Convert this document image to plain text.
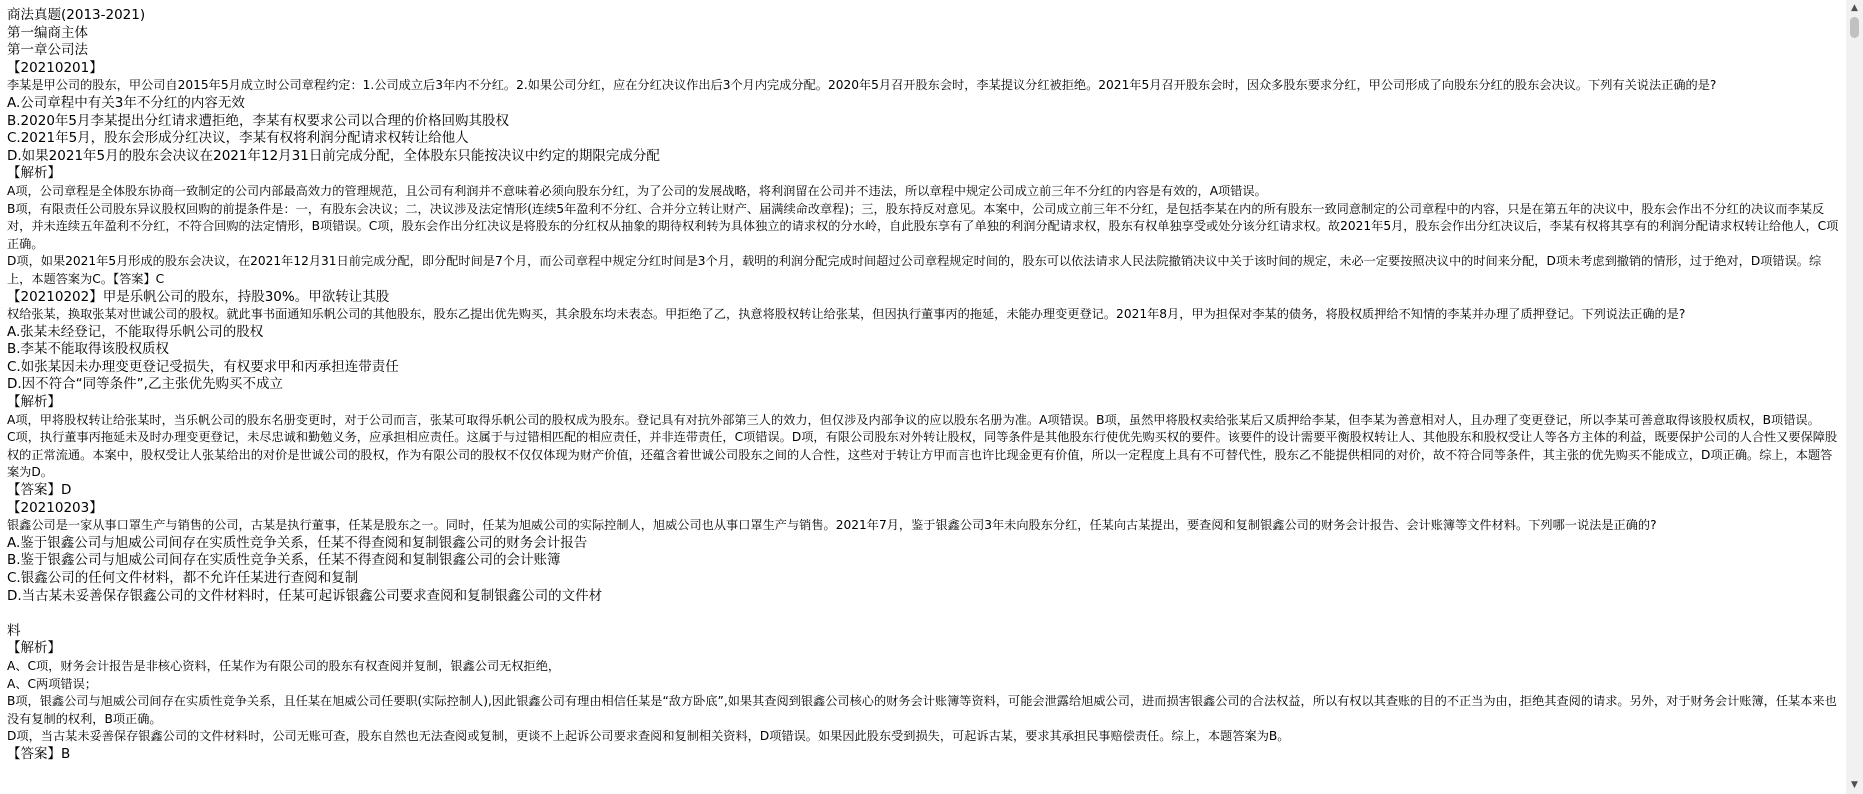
商法真题(2013-2021)
第一编商主体
第一章公司法
【20210201】
李某是甲公司的股东，甲公司自2015年5月成立时公司章程约定：1.公司成立后3年内不分红。2.如果公司分红，应在分红决议作出后3个月内完成分配。2020年5月召开股东会时，李某提议分红被拒绝。2021年5月召开股东会时，因众多股东要求分红，甲公司形成了向股东分红的股东会决议。下列有关说法正确的是?
A.公司章程中有关3年不分红的内容无效
B.2020年5月李某提出分红请求遭拒绝，李某有权要求公司以合理的价格回购其股权
C.2021年5月，股东会形成分红决议，李某有权将利润分配请求权转让给他人
D.如果2021年5月的股东会决议在2021年12月31日前完成分配，全体股东只能按决议中约定的期限完成分配
【解析】
A项，公司章程是全体股东协商一致制定的公司内部最高效力的管理规范，且公司有利润并不意味着必须向股东分红，为了公司的发展战略，将利润留在公司并不违法，所以章程中规定公司成立前三年不分红的内容是有效的，A项错误。
B项，有限责任公司股东异议股权回购的前提条件是：一，有股东会决议；二，决议涉及法定情形(连续5年盈利不分红、合并分立转让财产、届满续命改章程)；三，股东持反对意见。本案中，公司成立前三年不分红，是包括李某在内的所有股东一致同意制定的公司章程中的内容，只是在第五年的决议中，股东会作出不分红的决议而李某反对，并未连续五年盈利不分红，不符合回购的法定情形，B项错误。C项，股东会作出分红决议是将股东的分红权从抽象的期待权利转为具体独立的请求权的分水岭，自此股东享有了单独的利润分配请求权，股东有权单独享受或处分该分红请求权。故2021年5月，股东会作出分红决议后，李某有权将其享有的利润分配请求权转让给他人，C项正确。
D项，如果2021年5月形成的股东会决议，在2021年12月31日前完成分配，即分配时间是7个月，而公司章程中规定分红时间是3个月，载明的利润分配完成时间超过公司章程规定时间的，股东可以依法请求人民法院撤销决议中关于该时间的规定，未必一定要按照决议中的时间来分配，D项未考虑到撤销的情形，过于绝对，D项错误。综上，本题答案为C。【答案】C
【20210202】甲是乐帆公司的股东，持股30%。甲欲转让其股
权给张某，换取张某对世诚公司的股权。就此事书面通知乐帆公司的其他股东，股东乙提出优先购买，其余股东均未表态。甲拒绝了乙，执意将股权转让给张某，但因执行董事丙的拖延，未能办理变更登记。2021年8月，甲为担保对李某的债务，将股权质押给不知情的李某并办理了质押登记。下列说法正确的是?
A.张某未经登记，不能取得乐帆公司的股权
B.李某不能取得该股权质权
C.如张某因未办理变更登记受损失，有权要求甲和丙承担连带责任
D.因不符合“同等条件”,乙主张优先购买不成立
【解析】
A项，甲将股权转让给张某时，当乐帆公司的股东名册变更时，对于公司而言，张某可取得乐帆公司的股权成为股东。登记具有对抗外部第三人的效力，但仅涉及内部争议的应以股东名册为准。A项错误。B项，虽然甲将股权卖给张某后又质押给李某，但李某为善意相对人，且办理了变更登记，所以李某可善意取得该股权质权，B项错误。
C项，执行董事丙拖延未及时办理变更登记，未尽忠诚和勤勉义务，应承担相应责任。这属于与过错相匹配的相应责任，并非连带责任，C项错误。D项，有限公司股东对外转让股权，同等条件是其他股东行使优先购买权的要件。该要件的设计需要平衡股权转让人、其他股东和股权受让人等各方主体的利益，既要保护公司的人合性又要保障股权的正常流通。本案中，股权受让人张某给出的对价是世诚公司的股权，作为有限公司的股权不仅仅体现为财产价值，还蕴含着世诚公司股东之间的人合性，这些对于转让方甲而言也许比现金更有价值，所以一定程度上具有不可替代性，股东乙不能提供相同的对价，故不符合同等条件，其主张的优先购买不能成立，D项正确。综上，本题答案为D。
【答案】D
【20210203】
银鑫公司是一家从事口罩生产与销售的公司，古某是执行董事，任某是股东之一。同时，任某为旭威公司的实际控制人，旭威公司也从事口罩生产与销售。2021年7月，鉴于银鑫公司3年未向股东分红，任某向古某提出，要查阅和复制银鑫公司的财务会计报告、会计账簿等文件材料。下列哪一说法是正确的?
A.鉴于银鑫公司与旭威公司间存在实质性竞争关系，任某不得查阅和复制银鑫公司的财务会计报告
B.鉴于银鑫公司与旭威公司间存在实质性竞争关系，任某不得查阅和复制银鑫公司的会计账簿
C.银鑫公司的任何文件材料，都不允许任某进行查阅和复制
D.当古某未妥善保存银鑫公司的文件材料时，任某可起诉银鑫公司要求查阅和复制银鑫公司的文件材
料
【解析】
A、C项，财务会计报告是非核心资料，任某作为有限公司的股东有权查阅并复制，银鑫公司无权拒绝，
A、C两项错误；
B项，银鑫公司与旭威公司间存在实质性竞争关系，且任某在旭威公司任要职(实际控制人),因此银鑫公司有理由相信任某是“敌方卧底”,如果其查阅到银鑫公司核心的财务会计账簿等资料，可能会泄露给旭威公司，进而损害银鑫公司的合法权益，所以有权以其查账的目的不正当为由，拒绝其查阅的请求。另外，对于财务会计账簿，任某本来也没有复制的权利，B项正确。
D项，当古某未妥善保存银鑫公司的文件材料时，公司无账可查，股东自然也无法查阅或复制，更谈不上起诉公司要求查阅和复制相关资料，D项错误。如果因此股东受到损失，可起诉古某，要求其承担民事赔偿责任。综上，本题答案为B。
【答案】B
▲
▼
